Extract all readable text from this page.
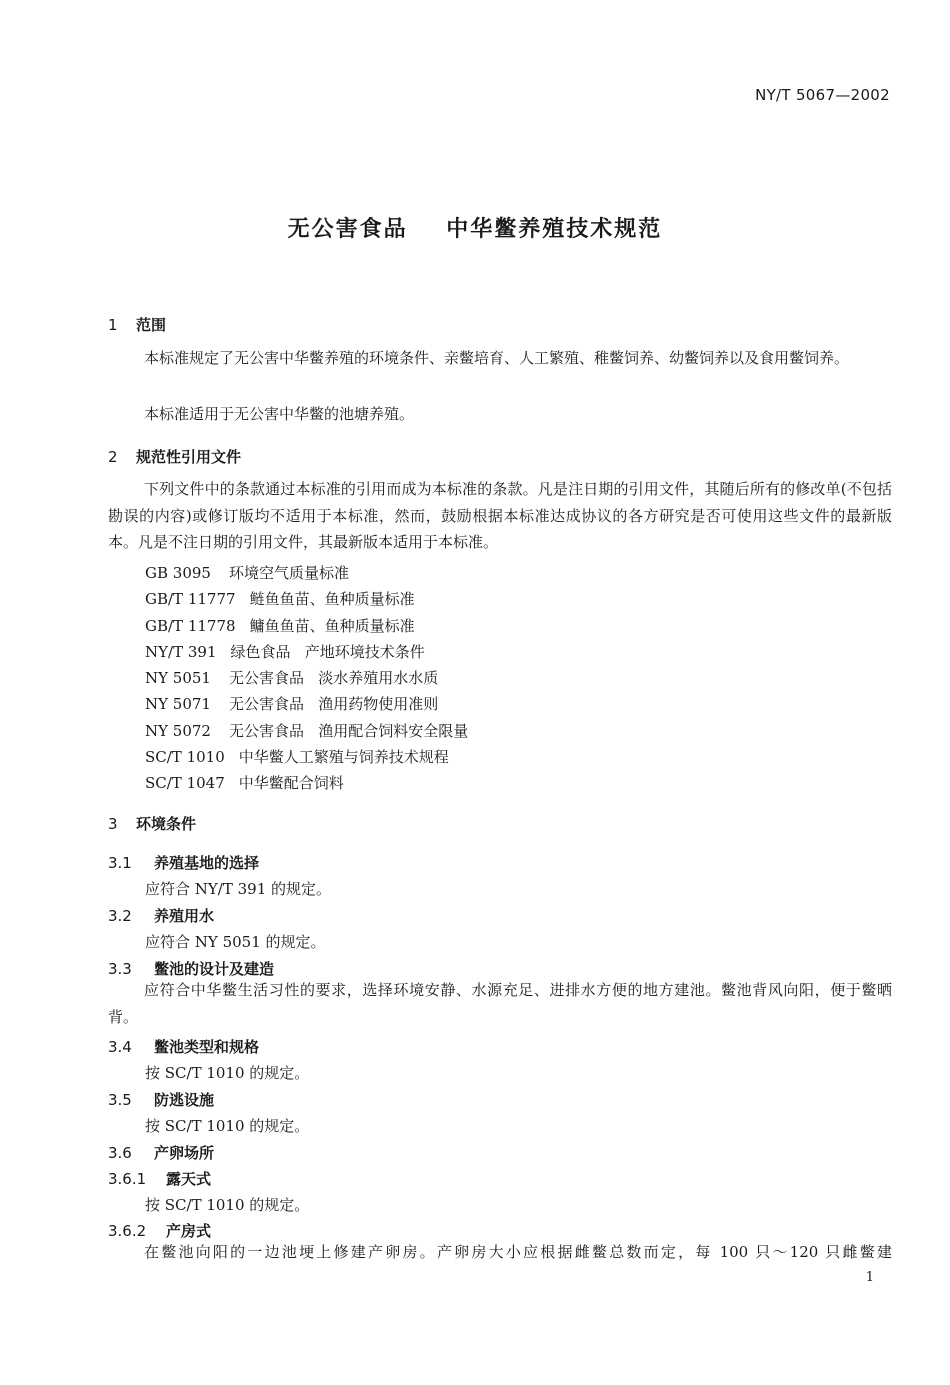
NY/T 5067—2002
无公害食品    中华鳖养殖技术规范
1 范围
本标准规定了无公害中华鳖养殖的环境条件、亲鳖培育、人工繁殖、稚鳖饲养、幼鳖饲养以及食用鳖饲养。
本标准适用于无公害中华鳖的池塘养殖。
2 规范性引用文件
下列文件中的条款通过本标准的引用而成为本标准的条款。凡是注日期的引用文件，其随后所有的修改单(不包括勘误的内容)或修订版均不适用于本标准，然而，鼓励根据本标准达成协议的各方研究是否可使用这些文件的最新版本。凡是不注日期的引用文件，其最新版本适用于本标准。
GB 3095 环境空气质量标准
GB/T 11777 鲢鱼鱼苗、鱼种质量标准
GB/T 11778 鳙鱼鱼苗、鱼种质量标准
NY/T 391 绿色食品   产地环境技术条件
NY 5051 无公害食品   淡水养殖用水水质
NY 5071 无公害食品   渔用药物使用准则
NY 5072 无公害食品   渔用配合饲料安全限量
SC/T 1010 中华鳖人工繁殖与饲养技术规程
SC/T 1047 中华鳖配合饲料
3 环境条件
3.1 养殖基地的选择
应符合 NY/T 391 的规定。
3.2 养殖用水
应符合 NY 5051 的规定。
3.3 鳖池的设计及建造
应符合中华鳖生活习性的要求，选择环境安静、水源充足、进排水方便的地方建池。鳖池背风向阳，便于鳖晒背。
3.4 鳖池类型和规格
按 SC/T 1010 的规定。
3.5 防逃设施
按 SC/T 1010 的规定。
3.6 产卵场所
3.6.1 露天式
按 SC/T 1010 的规定。
3.6.2 产房式
在鳖池向阳的一边池埂上修建产卵房。产卵房大小应根据雌鳖总数而定，每 100 只～120 只雌鳖建
1
